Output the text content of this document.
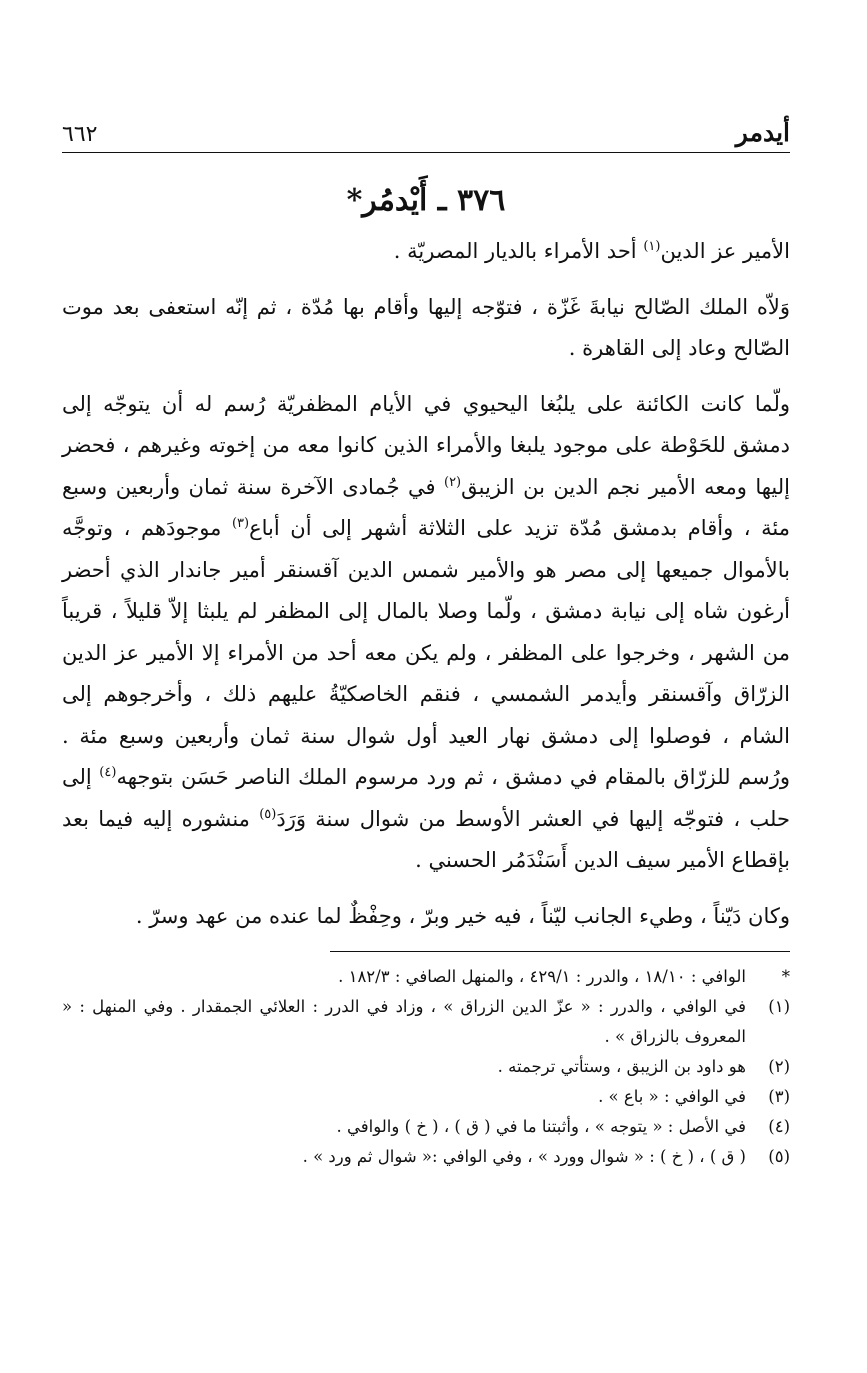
أيدمر
٦٦٢
٣٧٦ ـ أَيْدمُر*

الأمير عز الدين$^{(١)}$ أحد الأمراء بالديار المصريّة .

وَلاّه الملك الصّالح نيابةَ غَزّة ، فتوّجه إليها وأقام بها مُدّة ، ثم إنّه استعفى بعد موت الصّالح وعاد إلى القاهرة .

ولّما كانت الكائنة على يلبُغا اليحيوي في الأيام المظفريّة رُسم له أن يتوجّه إلى دمشق للحَوْطة على موجود يلبغا والأمراء الذين كانوا معه من إخوته وغيرهم ، فحضر إليها ومعه الأمير نجم الدين بن الزيبق$^{(٢)}$ في جُمادى الآخرة سنة ثمان وأربعين وسبع مئة ، وأقام بدمشق مُدّة تزيد على الثلاثة أشهر إلى أن أباع$^{(٣)}$ موجودَهم ، وتوجَّه بالأموال جميعها إلى مصر هو والأمير شمس الدين آقسنقر أمير جاندار الذي أحضر أرغون شاه إلى نيابة دمشق ، ولّما وصلا بالمال إلى المظفر لم يلبثا إلاّ قليلاً ، قريباً من الشهر ، وخرجوا على المظفر ، ولم يكن معه أحد من الأمراء إلا الأمير عز الدين الزرّاق وآقسنقر وأيدمر الشمسي ، فنقم الخاصكيّةُ عليهم ذلك ، وأخرجوهم إلى الشام ، فوصلوا إلى دمشق نهار العيد أول شوال سنة ثمان وأربعين وسبع مئة . ورُسم للزرّاق بالمقام في دمشق ، ثم ورد مرسوم الملك الناصر حَسَن بتوجهه$^{(٤)}$ إلى حلب ، فتوجّه إليها في العشر الأوسط من شوال سنة وَرَدَ$^{(٥)}$ منشوره إليه فيما بعد بإقطاع الأمير سيف الدين أَسَنْدَمُر الحسني .

وكان دَيّناً ، وطيء الجانب ليّناً ، فيه خير وبرّ ، وحِفْظٌ لما عنده من عهد وسرّ .

*
الوافي : ١٨/١٠ ، والدرر : ٤٢٩/١ ، والمنهل الصافي : ١٨٢/٣ .
(١)
في الوافي ، والدرر : « عزّ الدين الزراق » ، وزاد في الدرر : العلائي الجمقدار . وفي المنهل : « المعروف بالزراق » .
(٢)
هو داود بن الزيبق ، وستأتي ترجمته .
(٣)
في الوافي : « باع » .
(٤)
في الأصل : « يتوجه » ، وأثبتنا ما في ( ق ) ، ( خ ) والوافي .
(٥)
( ق ) ، ( خ ) : « شوال وورد » ، وفي الوافي :« شوال ثم ورد » .
